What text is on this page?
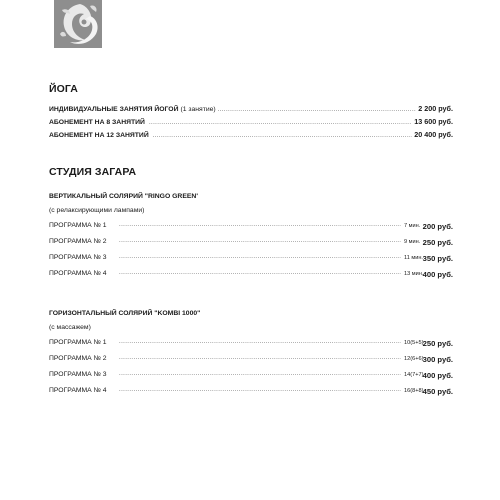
ЙОГА
ИНДИВИДУАЛЬНЫЕ ЗАНЯТИЯ ЙОГОЙ (1 занятие) .....	2 200 руб.
АБОНЕМЕНТ НА 8 ЗАНЯТИЙ .....	13 600 руб.
АБОНЕМЕНТ НА 12 ЗАНЯТИЙ .....	20 400 руб.
СТУДИЯ ЗАГАРА
ВЕРТИКАЛЬНЫЙ СОЛЯРИЙ "RINGO GREEN'
(с релаксирующими лампами)
ПРОГРАММА № 1 .....	7 мин. 200 руб.
ПРОГРАММА № 2 .....	9 мин. 250 руб.
ПРОГРАММА № 3 .....	11 мин. 350 руб.
ПРОГРАММА № 4 .....	13 мин. 400 руб.
ГОРИЗОНТАЛЬНЫЙ СОЛЯРИЙ "KOMBI 1000"
(с массажем)
ПРОГРАММА № 1 .....	10(5+5) 250 руб.
ПРОГРАММА № 2 .....	12(6+6) 300 руб.
ПРОГРАММА № 3 .....	14(7+7) 400 руб.
ПРОГРАММА № 4 .....	16(8+8) 450 руб.
